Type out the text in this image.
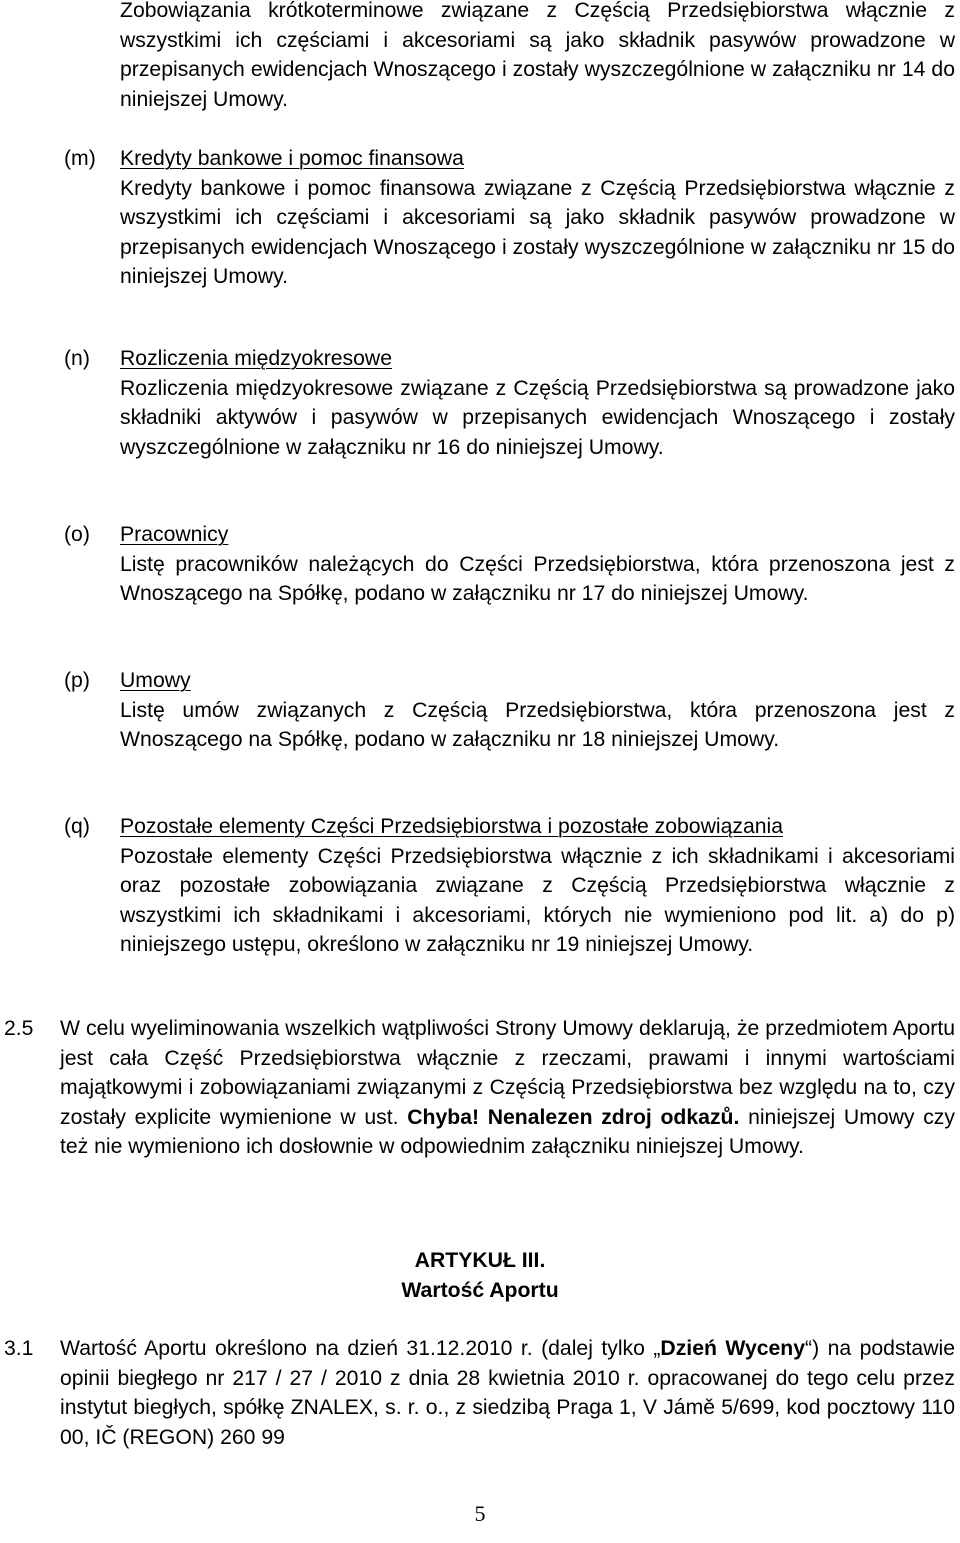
Zobowiązania krótkoterminowe związane z Częścią Przedsiębiorstwa włącznie z wszystkimi ich częściami i akcesoriami są jako składnik pasywów prowadzone w przepisanych ewidencjach Wnoszącego i zostały wyszczególnione w załączniku nr 14 do niniejszej Umowy.
(m)	Kredyty bankowe i pomoc finansowa
Kredyty bankowe i pomoc finansowa związane z Częścią Przedsiębiorstwa włącznie z wszystkimi ich częściami i akcesoriami są jako składnik pasywów prowadzone w przepisanych ewidencjach Wnoszącego i zostały wyszczególnione w załączniku nr 15 do niniejszej Umowy.
(n)	Rozliczenia międzyokresowe
Rozliczenia międzyokresowe związane z Częścią Przedsiębiorstwa są prowadzone jako składniki aktywów i pasywów w przepisanych ewidencjach Wnoszącego i zostały wyszczególnione w załączniku nr 16 do niniejszej Umowy.
(o)	Pracownicy
Listę pracowników należących do Części Przedsiębiorstwa, która przenoszona jest z Wnoszącego na Spółkę, podano w załączniku nr 17 do niniejszej Umowy.
(p)	Umowy
Listę umów związanych z Częścią Przedsiębiorstwa, która przenoszona jest z Wnoszącego na Spółkę, podano w załączniku nr 18 niniejszej Umowy.
(q)	Pozostałe elementy Części Przedsiębiorstwa i pozostałe zobowiązania
Pozostałe elementy Części Przedsiębiorstwa włącznie z ich składnikami i akcesoriami oraz pozostałe zobowiązania związane z Częścią Przedsiębiorstwa włącznie z wszystkimi ich składnikami i akcesoriami, których nie wymieniono pod lit. a) do p) niniejszego ustępu, określono w załączniku nr 19 niniejszej Umowy.
2.5	W celu wyeliminowania wszelkich wątpliwości Strony Umowy deklarują, że przedmiotem Aportu jest cała Część Przedsiębiorstwa włącznie z rzeczami, prawami i innymi wartościami majątkowymi i zobowiązaniami związanymi z Częścią Przedsiębiorstwa bez względu na to, czy zostały explicite wymienione w ust. Chyba! Nenalezen zdroj odkazů. niniejszej Umowy czy też nie wymieniono ich dosłownie w odpowiednim załączniku niniejszej Umowy.
ARTYKUŁ III.
Wartość Aportu
3.1	Wartość Aportu określono na dzień 31.12.2010 r. (dalej tylko „Dzień Wyceny“) na podstawie opinii biegłego nr 217 / 27 / 2010 z dnia 28 kwietnia 2010 r. opracowanej do tego celu przez instytut biegłych, spółkę ZNALEX, s. r. o., z siedzibą Praga 1, V Jámě 5/699, kod pocztowy 110 00, IČ (REGON) 260 99
5
